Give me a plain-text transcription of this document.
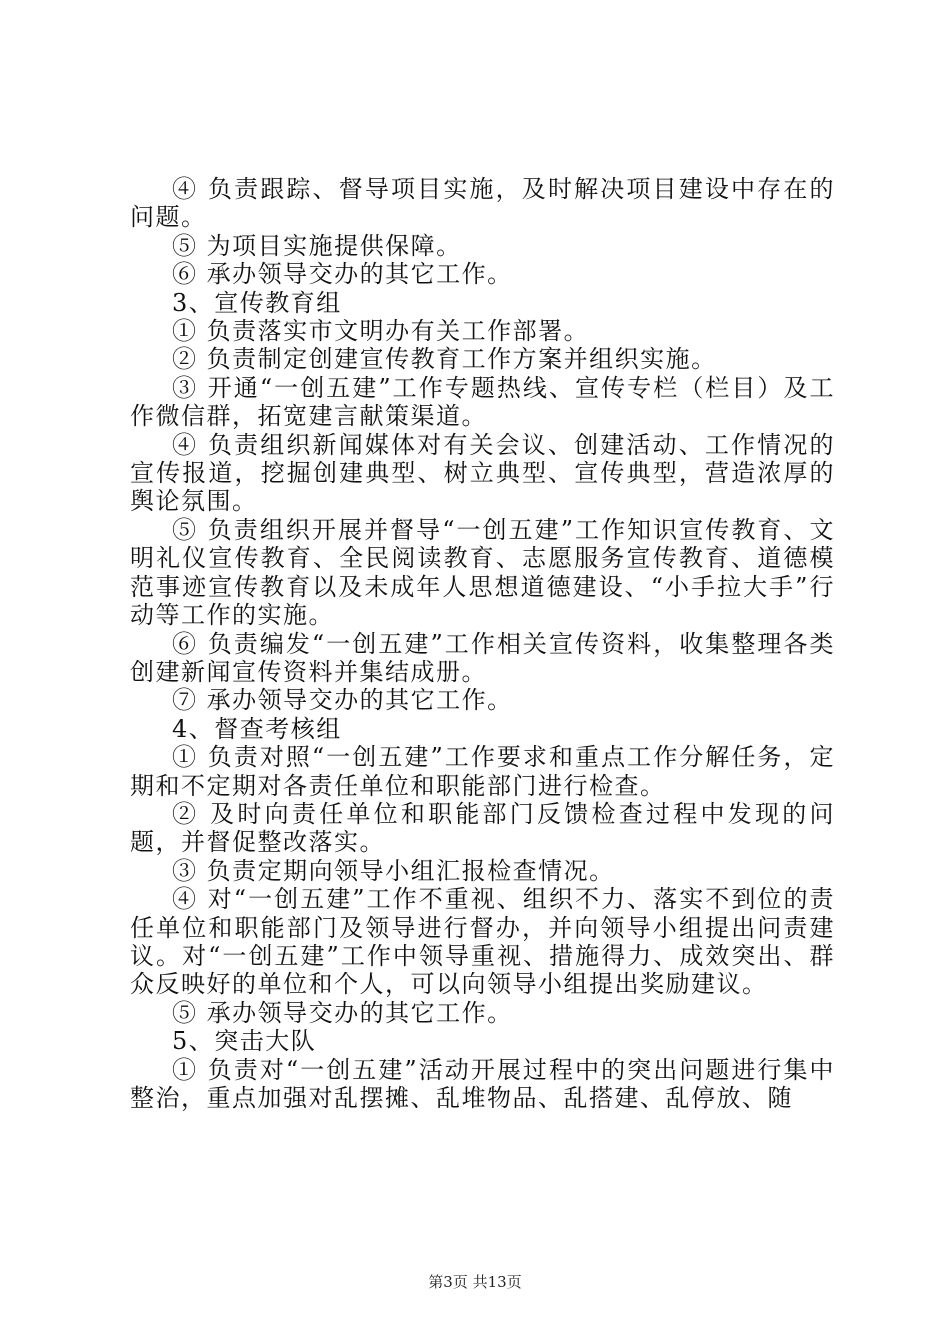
④ 负责跟踪、督导项目实施，及时解决项目建设中存在的问题。

⑤ 为项目实施提供保障。

⑥ 承办领导交办的其它工作。

3、宣传教育组

① 负责落实市文明办有关工作部署。

② 负责制定创建宣传教育工作方案并组织实施。

③ 开通“一创五建”工作专题热线、宣传专栏（栏目）及工作微信群，拓宽建言献策渠道。

④ 负责组织新闻媒体对有关会议、创建活动、工作情况的宣传报道，挖掘创建典型、树立典型、宣传典型，营造浓厚的舆论氛围。

⑤ 负责组织开展并督导“一创五建”工作知识宣传教育、文明礼仪宣传教育、全民阅读教育、志愿服务宣传教育、道德模范事迹宣传教育以及未成年人思想道德建设、“小手拉大手”行动等工作的实施。

⑥ 负责编发“一创五建”工作相关宣传资料，收集整理各类创建新闻宣传资料并集结成册。

⑦ 承办领导交办的其它工作。

4、督查考核组

① 负责对照“一创五建”工作要求和重点工作分解任务，定期和不定期对各责任单位和职能部门进行检查。

② 及时向责任单位和职能部门反馈检查过程中发现的问题，并督促整改落实。

③ 负责定期向领导小组汇报检查情况。

④ 对“一创五建”工作不重视、组织不力、落实不到位的责任单位和职能部门及领导进行督办，并向领导小组提出问责建议。对“一创五建”工作中领导重视、措施得力、成效突出、群众反映好的单位和个人，可以向领导小组提出奖励建议。

⑤ 承办领导交办的其它工作。

5、突击大队

① 负责对“一创五建”活动开展过程中的突出问题进行集中整治，重点加强对乱摆摊、乱堆物品、乱搭建、乱停放、随

第3页 共13页
